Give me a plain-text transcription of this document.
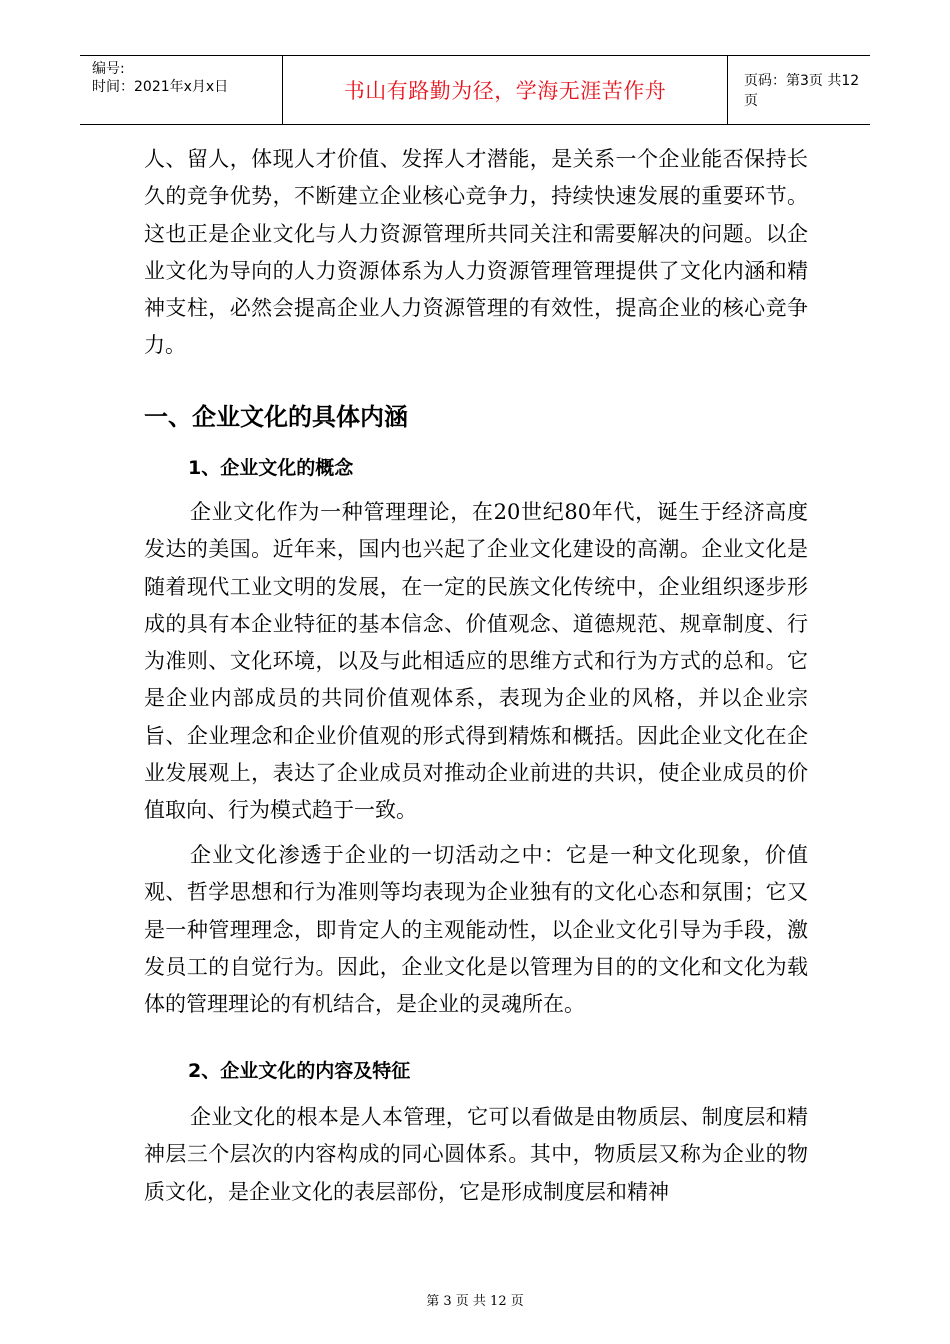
编号:
时间：2021年x月x日	书山有路勤为径，学海无涯苦作舟	页码：第3页 共12页

人、留人，体现人才价值、发挥人才潜能，是关系一个企业能否保持长久的竞争优势，不断建立企业核心竞争力，持续快速发展的重要环节。这也正是企业文化与人力资源管理所共同关注和需要解决的问题。以企业文化为导向的人力资源体系为人力资源管理管理提供了文化内涵和精神支柱，必然会提高企业人力资源管理的有效性，提高企业的核心竞争力。

一、企业文化的具体内涵
1、企业文化的概念

企业文化作为一种管理理论，在20世纪80年代，诞生于经济高度发达的美国。近年来，国内也兴起了企业文化建设的高潮。企业文化是随着现代工业文明的发展，在一定的民族文化传统中，企业组织逐步形成的具有本企业特征的基本信念、价值观念、道德规范、规章制度、行为准则、文化环境，以及与此相适应的思维方式和行为方式的总和。它是企业内部成员的共同价值观体系，表现为企业的风格，并以企业宗旨、企业理念和企业价值观的形式得到精炼和概括。因此企业文化在企业发展观上，表达了企业成员对推动企业前进的共识，使企业成员的价值取向、行为模式趋于一致。

企业文化渗透于企业的一切活动之中：它是一种文化现象，价值观、哲学思想和行为准则等均表现为企业独有的文化心态和氛围；它又是一种管理理念，即肯定人的主观能动性，以企业文化引导为手段，激发员工的自觉行为。因此，企业文化是以管理为目的的文化和文化为载体的管理理论的有机结合，是企业的灵魂所在。

2、企业文化的内容及特征

企业文化的根本是人本管理，它可以看做是由物质层、制度层和精神层三个层次的内容构成的同心圆体系。其中，物质层又称为企业的物质文化，是企业文化的表层部份，它是形成制度层和精神

第 3 页 共 12 页
